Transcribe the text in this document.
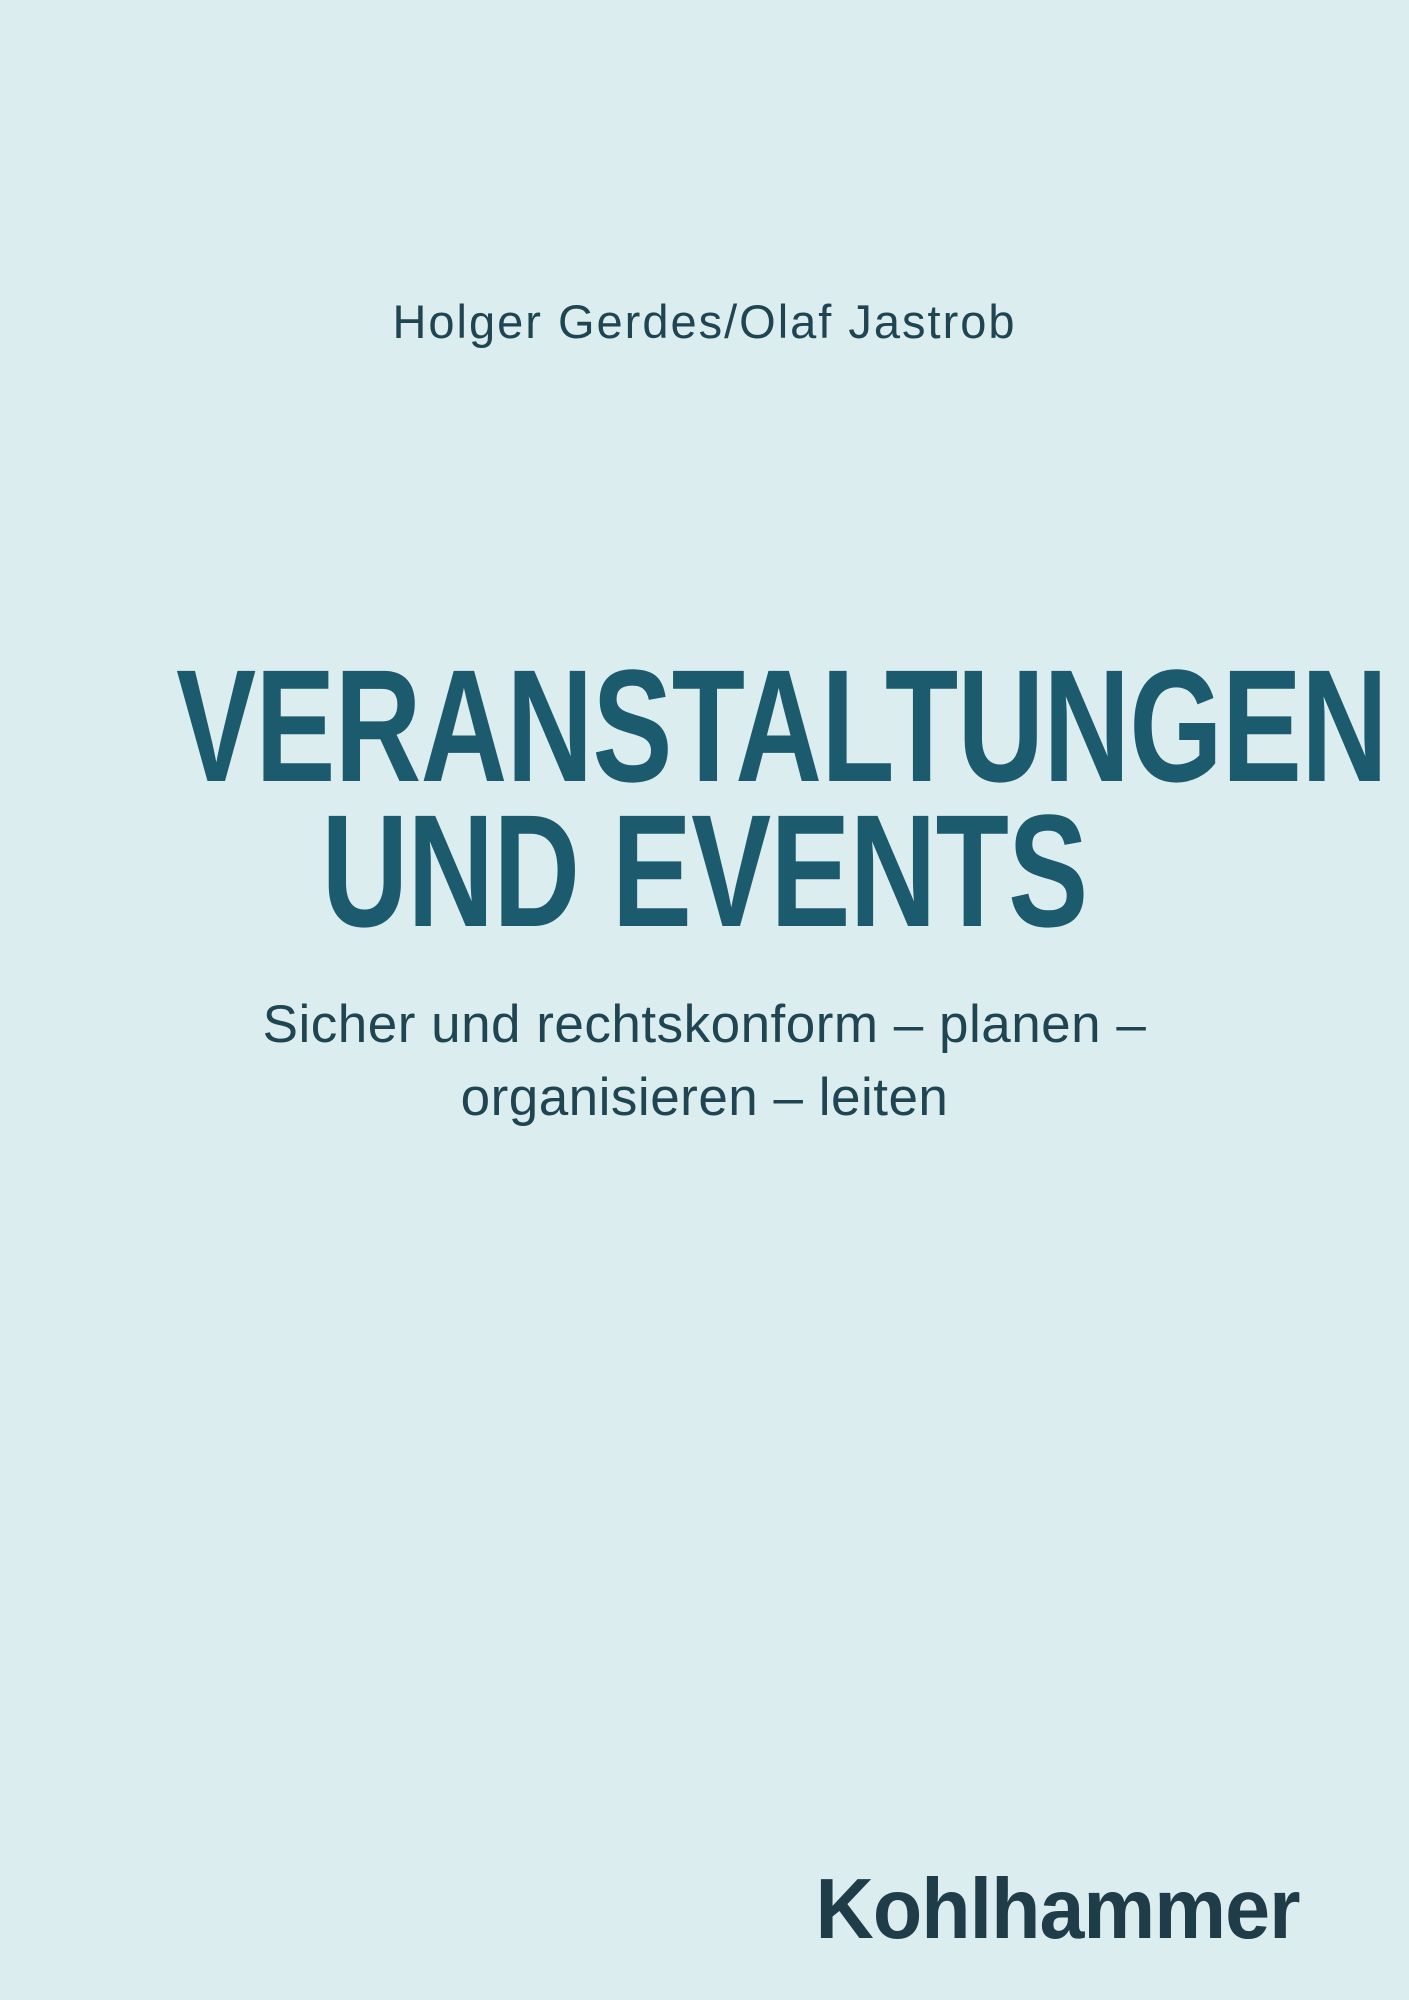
Holger Gerdes/Olaf Jastrob
VERANSTALTUNGEN
UND EVENTS
Sicher und rechtskonform – planen –
organisieren – leiten
Kohlhammer
